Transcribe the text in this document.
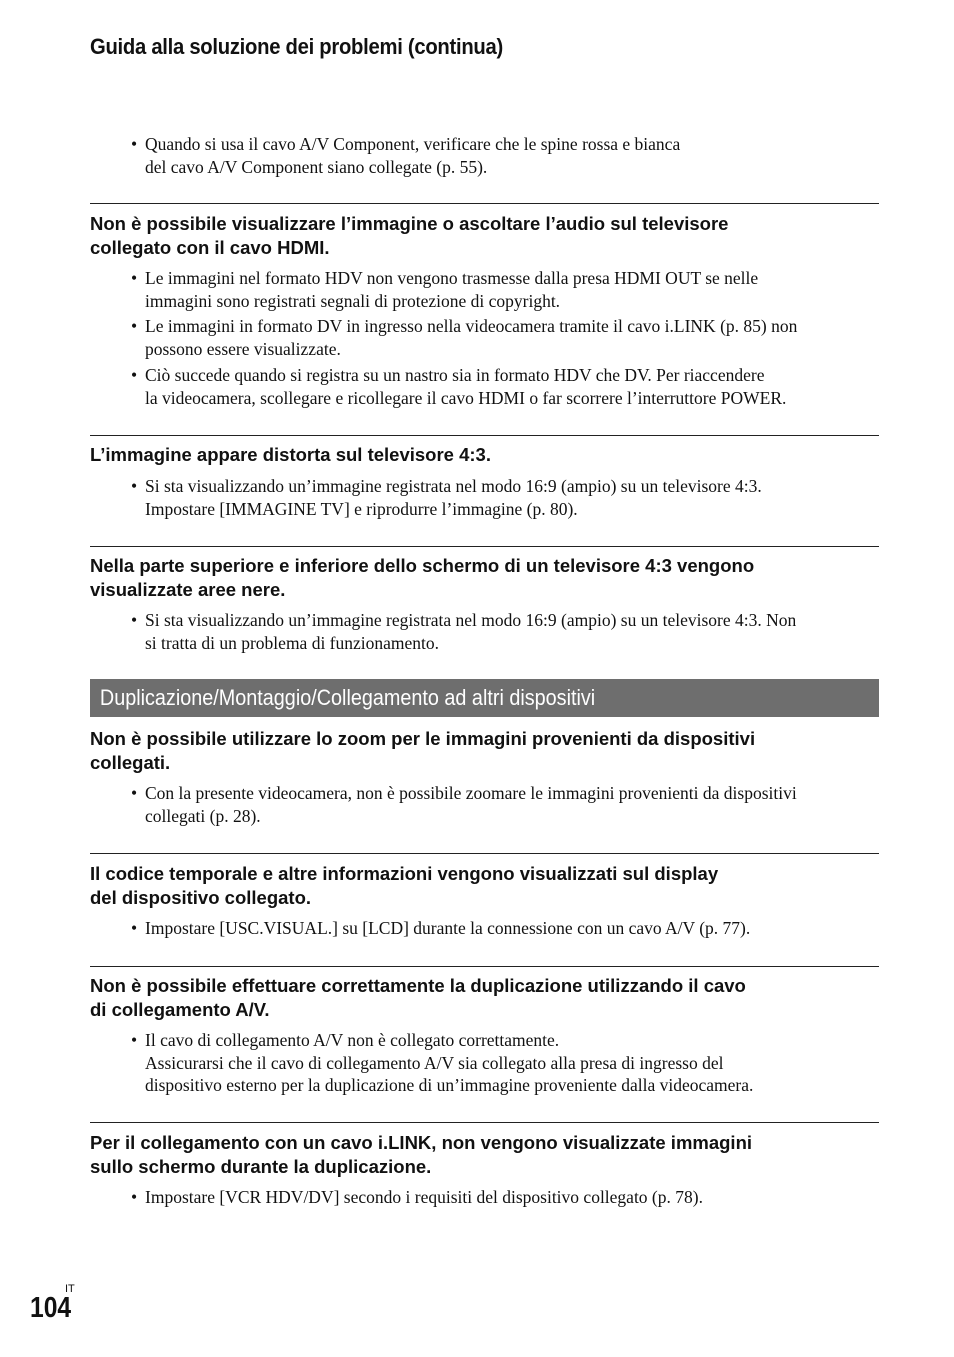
Guida alla soluzione dei problemi (continua)
• Quando si usa il cavo A/V Component, verificare che le spine rossa e bianca
del cavo A/V Component siano collegate (p. 55).
Non è possibile visualizzare l’immagine o ascoltare l’audio sul televisore
collegato con il cavo HDMI.
• Le immagini nel formato HDV non vengono trasmesse dalla presa HDMI OUT se nelle
immagini sono registrati segnali di protezione di copyright.
• Le immagini in formato DV in ingresso nella videocamera tramite il cavo i.LINK (p. 85) non
possono essere visualizzate.
• Ciò succede quando si registra su un nastro sia in formato HDV che DV. Per riaccendere
la videocamera, scollegare e ricollegare il cavo HDMI o far scorrere l’interruttore POWER.
L’immagine appare distorta sul televisore 4:3.
• Si sta visualizzando un’immagine registrata nel modo 16:9 (ampio) su un televisore 4:3.
Impostare [IMMAGINE TV] e riprodurre l’immagine (p. 80).
Nella parte superiore e inferiore dello schermo di un televisore 4:3 vengono
visualizzate aree nere.
• Si sta visualizzando un’immagine registrata nel modo 16:9 (ampio) su un televisore 4:3. Non
si tratta di un problema di funzionamento.
Duplicazione/Montaggio/Collegamento ad altri dispositivi
Non è possibile utilizzare lo zoom per le immagini provenienti da dispositivi
collegati.
• Con la presente videocamera, non è possibile zoomare le immagini provenienti da dispositivi
collegati (p. 28).
Il codice temporale e altre informazioni vengono visualizzati sul display
del dispositivo collegato.
• Impostare [USC.VISUAL.] su [LCD] durante la connessione con un cavo A/V (p. 77).
Non è possibile effettuare correttamente la duplicazione utilizzando il cavo
di collegamento A/V.
• Il cavo di collegamento A/V non è collegato correttamente.
Assicurarsi che il cavo di collegamento A/V sia collegato alla presa di ingresso del
dispositivo esterno per la duplicazione di un’immagine proveniente dalla videocamera.
Per il collegamento con un cavo i.LINK, non vengono visualizzate immagini
sullo schermo durante la duplicazione.
• Impostare [VCR HDV/DV] secondo i requisiti del dispositivo collegato (p. 78).
IT
104
